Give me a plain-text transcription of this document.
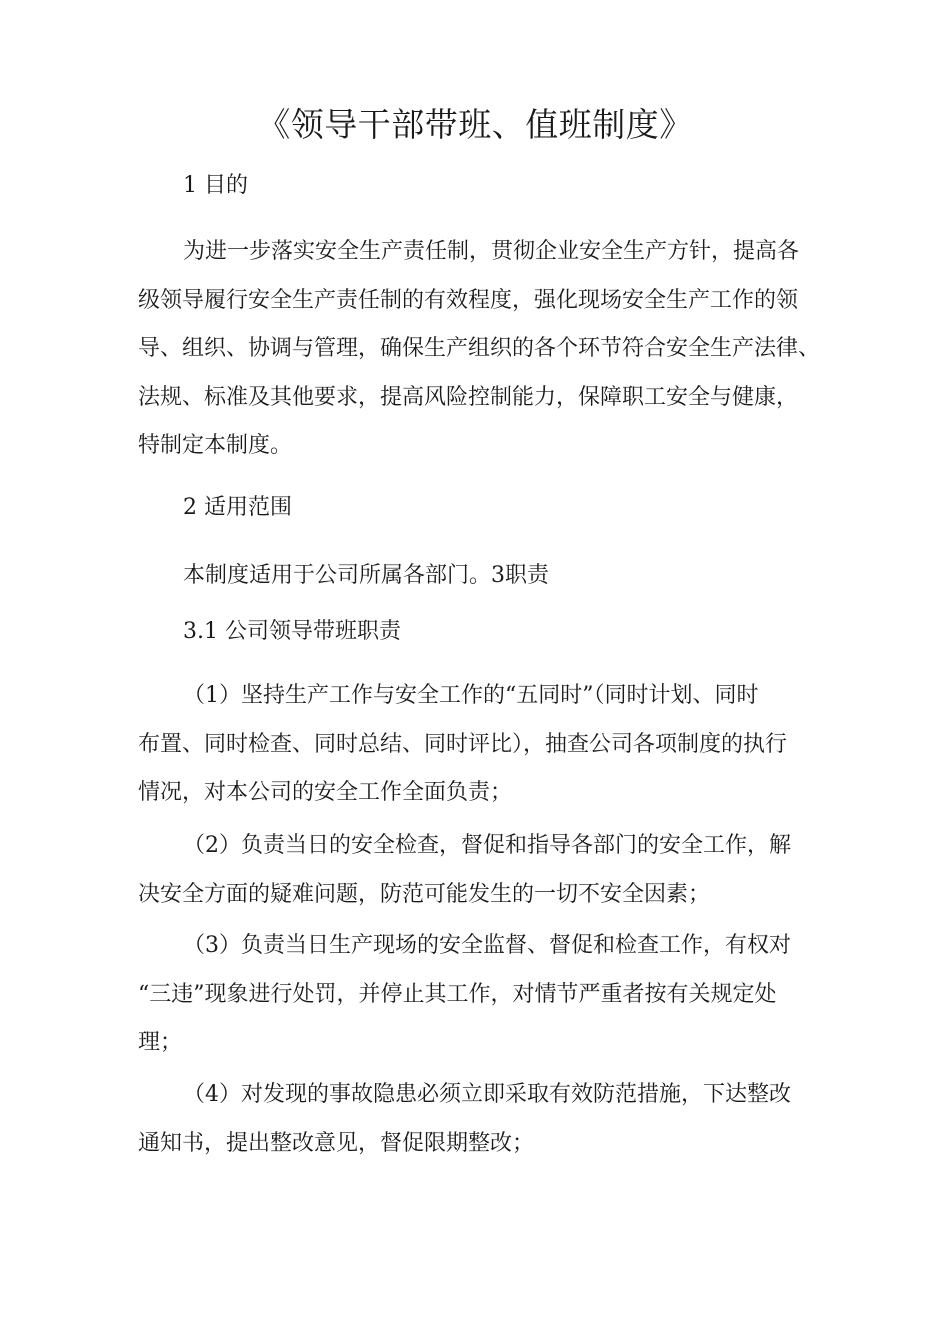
《领导干部带班、值班制度》
1 目的
为进一步落实安全生产责任制，贯彻企业安全生产方针，提高各
级领导履行安全生产责任制的有效程度，强化现场安全生产工作的领
导、组织、协调与管理，确保生产组织的各个环节符合安全生产法律、
法规、标准及其他要求，提高风险控制能力，保障职工安全与健康，
特制定本制度。
2 适用范围
本制度适用于公司所属各部门。3职责
3.1 公司领导带班职责
（1）坚持生产工作与安全工作的“五同时”（同时计划、同时
布置、同时检查、同时总结、同时评比），抽查公司各项制度的执行
情况，对本公司的安全工作全面负责；
（2）负责当日的安全检查，督促和指导各部门的安全工作，解
决安全方面的疑难问题，防范可能发生的一切不安全因素；
（3）负责当日生产现场的安全监督、督促和检查工作，有权对
“三违”现象进行处罚，并停止其工作，对情节严重者按有关规定处
理；
（4）对发现的事故隐患必须立即采取有效防范措施，下达整改
通知书，提出整改意见，督促限期整改；
